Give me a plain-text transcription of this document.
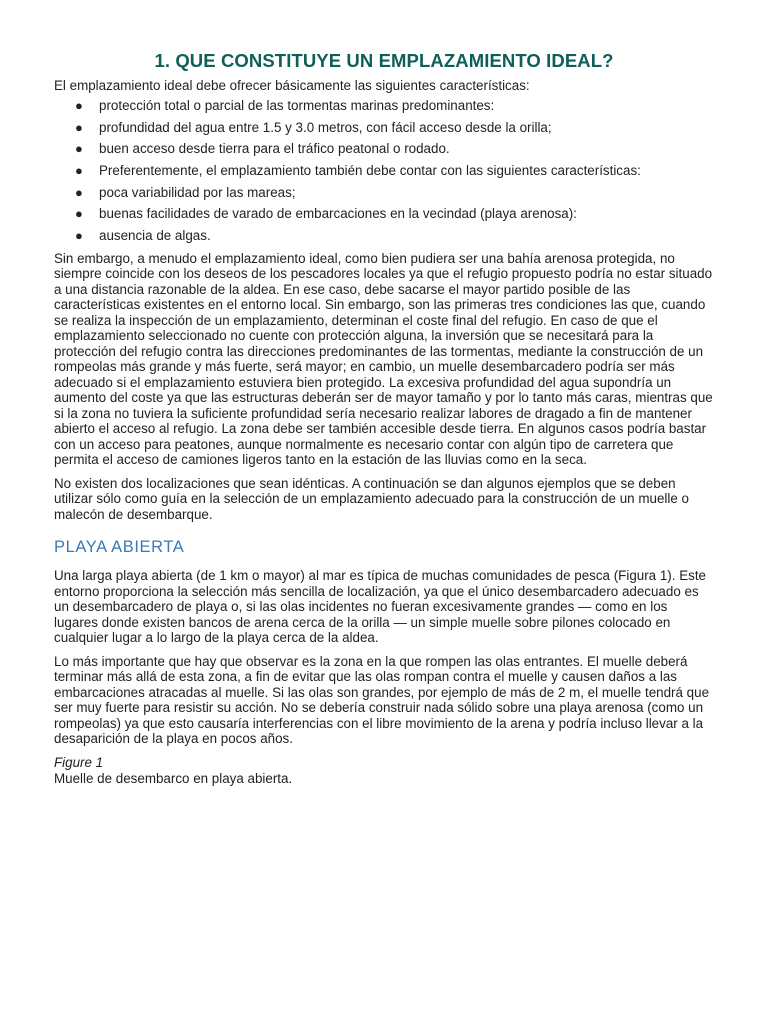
1. QUE CONSTITUYE UN EMPLAZAMIENTO IDEAL?

El emplazamiento ideal debe ofrecer básicamente las siguientes características:

● protección total o parcial de las tormentas marinas predominantes:
● profundidad del agua entre 1.5 y 3.0 metros, con fácil acceso desde la orilla;
● buen acceso desde tierra para el tráfico peatonal o rodado.
● Preferentemente, el emplazamiento también debe contar con las siguientes características:
● poca variabilidad por las mareas;
● buenas facilidades de varado de embarcaciones en la vecindad (playa arenosa):
● ausencia de algas.

Sin embargo, a menudo el emplazamiento ideal, como bien pudiera ser una bahía arenosa protegida, no siempre coincide con los deseos de los pescadores locales ya que el refugio propuesto podría no estar situado a una distancia razonable de la aldea. En ese caso, debe sacarse el mayor partido posible de las características existentes en el entorno local. Sin embargo, son las primeras tres condiciones las que, cuando se realiza la inspección de un emplazamiento, determinan el coste final del refugio. En caso de que el emplazamiento seleccionado no cuente con protección alguna, la inversión que se necesitará para la protección del refugio contra las direcciones predominantes de las tormentas, mediante la construcción de un rompeolas más grande y más fuerte, será mayor; en cambio, un muelle desembarcadero podría ser más adecuado si el emplazamiento estuviera bien protegido. La excesiva profundidad del agua supondría un aumento del coste ya que las estructuras deberán ser de mayor tamaño y por lo tanto más caras, mientras que si la zona no tuviera la suficiente profundidad sería necesario realizar labores de dragado a fin de mantener abierto el acceso al refugio. La zona debe ser también accesible desde tierra. En algunos casos podría bastar con un acceso para peatones, aunque normalmente es necesario contar con algún tipo de carretera que permita el acceso de camiones ligeros tanto en la estación de las lluvias como en la seca.

No existen dos localizaciones que sean idénticas. A continuación se dan algunos ejemplos que se deben utilizar sólo como guía en la selección de un emplazamiento adecuado para la construcción de un muelle o malecón de desembarque.

PLAYA ABIERTA

Una larga playa abierta (de 1 km o mayor) al mar es típica de muchas comunidades de pesca (Figura 1). Este entorno proporciona la selección más sencilla de localización, ya que el único desembarcadero adecuado es un desembarcadero de playa o, si las olas incidentes no fueran excesivamente grandes — como en los lugares donde existen bancos de arena cerca de la orilla — un simple muelle sobre pilones colocado en cualquier lugar a lo largo de la playa cerca de la aldea.

Lo más importante que hay que observar es la zona en la que rompen las olas entrantes. El muelle deberá terminar más allá de esta zona, a fin de evitar que las olas rompan contra el muelle y causen daños a las embarcaciones atracadas al muelle. Si las olas son grandes, por ejemplo de más de 2 m, el muelle tendrá que ser muy fuerte para resistir su acción. No se debería construir nada sólido sobre una playa arenosa (como un rompeolas) ya que esto causaría interferencias con el libre movimiento de la arena y podría incluso llevar a la desaparición de la playa en pocos años.

Figure 1

Muelle de desembarco en playa abierta.
